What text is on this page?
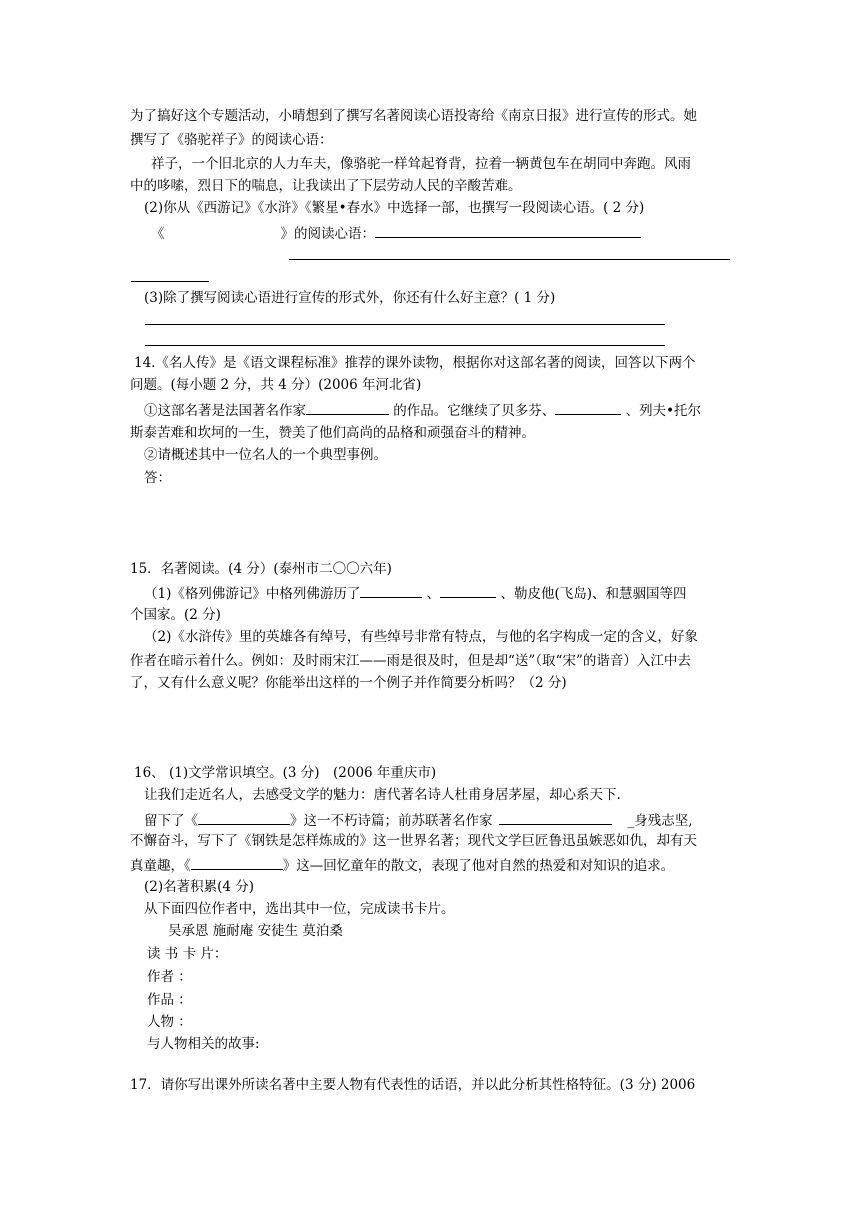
为了搞好这个专题活动，小晴想到了撰写名著阅读心语投寄给《南京日报》进行宣传的形式。她
撰写了《骆驼祥子》的阅读心语：
祥子，一个旧北京的人力车夫，像骆驼一样耸起脊背，拉着一辆黄包车在胡同中奔跑。风雨
中的哆嗦，烈日下的喘息，让我读出了下层劳动人民的辛酸苦难。
(2)你从《西游记》《水浒》《繁星•春水》中选择一部，也撰写一段阅读心语。( 2 分)
《	》的阅读心语：
(3)除了撰写阅读心语进行宣传的形式外，你还有什么好主意？( 1 分)
14.《名人传》是《语文课程标准》推荐的课外读物，根据你对这部名著的阅读，回答以下两个
问题。(每小题 2 分，共 4 分）(2006 年河北省)
①这部名著是法国著名作家	的作品。它继续了贝多芬、	、列夫•托尔
斯泰苦难和坎坷的一生，赞美了他们高尚的品格和顽强奋斗的精神。
②请概述其中一位名人的一个典型事例。
答：
15．名著阅读。(4 分）(泰州市二〇〇六年)
（1)《格列佛游记》中格列佛游历了	、	、勒皮他(飞岛)、和慧骃国等四
个国家。(2 分)
（2)《水浒传》里的英雄各有绰号，有些绰号非常有特点，与他的名字构成一定的含义，好象
作者在暗示着什么。例如：及时雨宋江——雨是很及时，但是却“送”（取“宋”的谐音）入江中去
了，又有什么意义呢？你能举出这样的一个例子并作简要分析吗？（2 分)
16、 (1)文学常识填空。(3 分)　(2006 年重庆市)
让我们走近名人，去感受文学的魅力：唐代著名诗人杜甫身居茅屋，却心系天下.
留下了《	》这一不朽诗篇；前苏联著名作家	_身残志坚,
不懈奋斗，写下了《钢铁是怎样炼成的》这一世界名著；现代文学巨匠鲁迅虽嫉恶如仇，却有天
真童趣，《	》这—回忆童年的散文，表现了他对自然的热爱和对知识的追求。
(2)名著积累(4 分)
从下面四位作者中，选出其中一位，完成读书卡片。
吴承恩 施耐庵 安徒生 莫泊桑
读 书 卡 片：
作者 ：
作品 ：
人物 ：
与人物相关的故事:
17．请你写出课外所读名著中主要人物有代表性的话语，并以此分析其性格特征。(3 分) 2006
